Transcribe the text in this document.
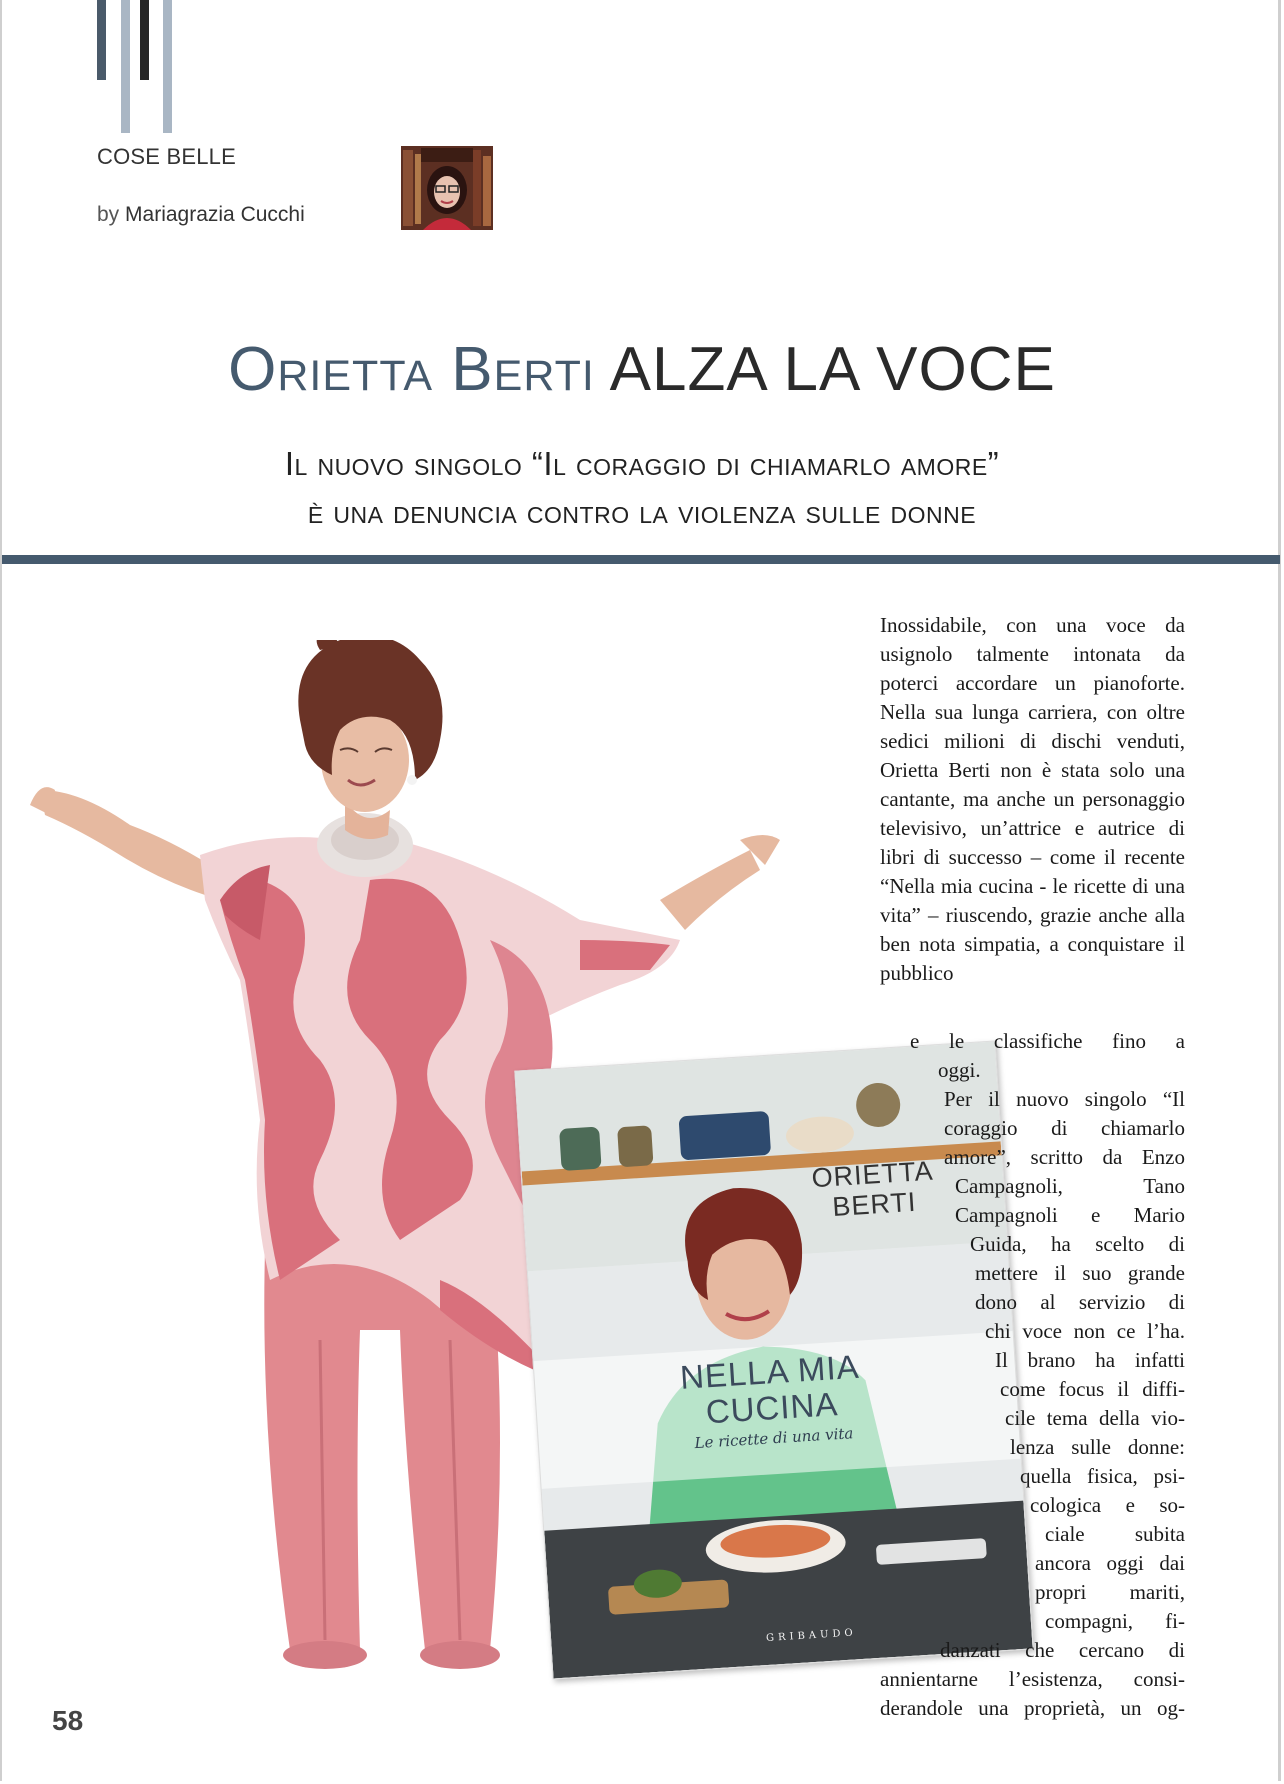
COSE BELLE
by Mariagrazia Cucchi
Orietta Berti ALZA LA VOCE
Il nuovo singolo “Il coraggio di chiamarlo amore”
è una denuncia contro la violenza sulle donne
ORIETTA BERTI
NELLA MIA CUCINA
Le ricette di una vita
GRIBAUDO

Inossidabile, con una voce da usignolo talmente intonata da poterci accordare un pianoforte. Nella sua lunga carriera, con oltre sedici milioni di dischi venduti, Orietta Berti non è stata solo una cantante, ma anche un personaggio televisivo, un’attrice e autrice di libri di successo – come il recente “Nella mia cucina - le ricette di una vita” – riuscendo, grazie anche alla ben nota simpatia, a conquistare il pubblico

e le classifiche fino a
oggi.
Per il nuovo singolo “Il
coraggio di chiamarlo
amore”, scritto da Enzo
Campagnoli, Tano
Campagnoli e Mario
Guida, ha scelto di
mettere il suo grande
dono al servizio di
chi voce non ce l’ha.
Il brano ha infatti
come focus il diffi-
cile tema della vio-
lenza sulle donne:
quella fisica, psi-
cologica e so-
ciale subita
ancora oggi dai
propri mariti,
compagni, fi-
danzati che cercano di
annientarne l’esistenza, consi-
derandole una proprietà, un og-
58
